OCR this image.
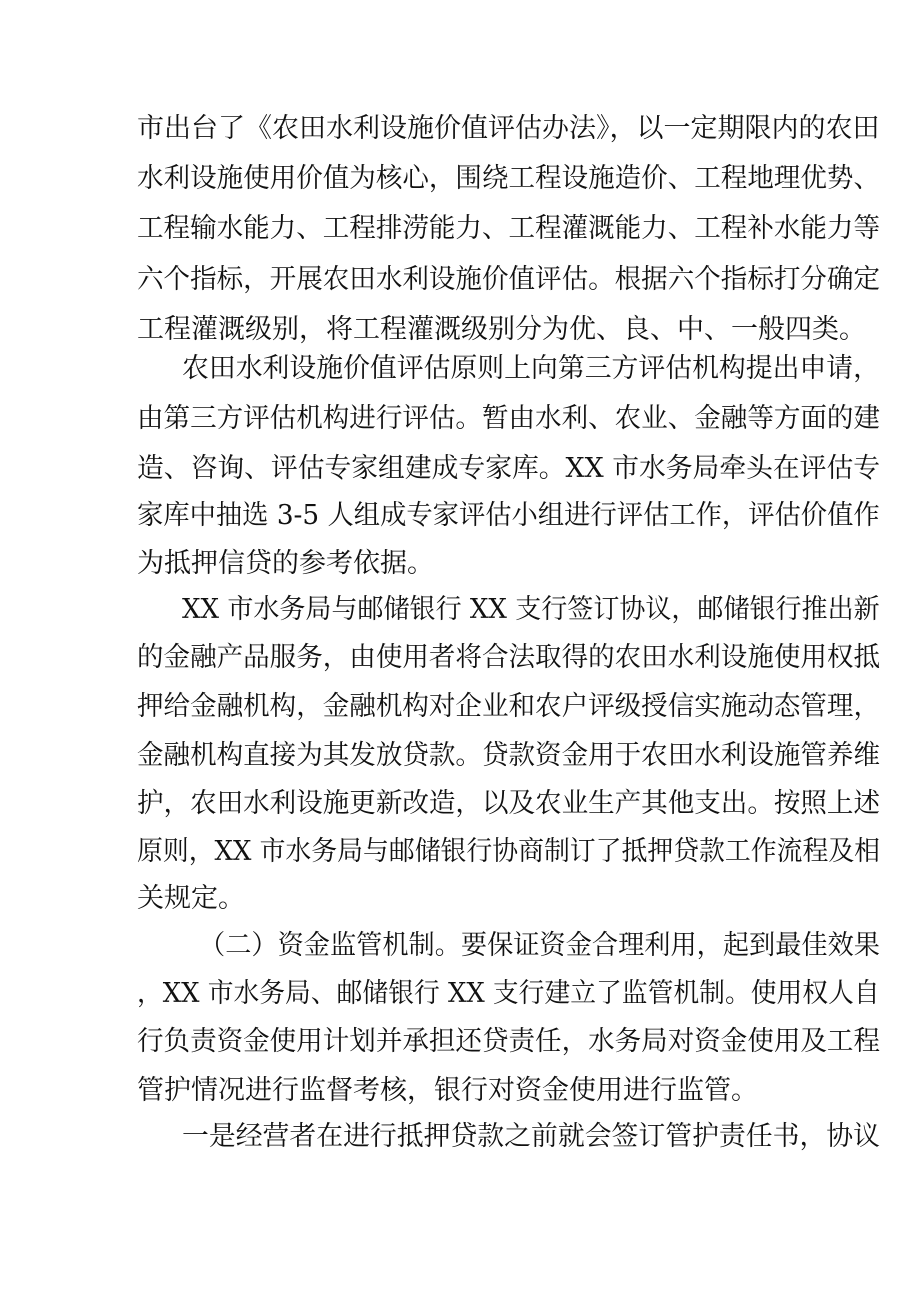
市出台了《农田水利设施价值评估办法》，以一定期限内的农田
水利设施使用价值为核心，围绕工程设施造价、工程地理优势、
工程输水能力、工程排涝能力、工程灌溉能力、工程补水能力等
六个指标，开展农田水利设施价值评估。根据六个指标打分确定
工程灌溉级别，将工程灌溉级别分为优、良、中、一般四类。
农田水利设施价值评估原则上向第三方评估机构提出申请，
由第三方评估机构进行评估。暂由水利、农业、金融等方面的建
造、咨询、评估专家组建成专家库。XX 市水务局牵头在评估专
家库中抽选 3-5 人组成专家评估小组进行评估工作，评估价值作
为抵押信贷的参考依据。
XX 市水务局与邮储银行 XX 支行签订协议，邮储银行推出新
的金融产品服务，由使用者将合法取得的农田水利设施使用权抵
押给金融机构，金融机构对企业和农户评级授信实施动态管理，
金融机构直接为其发放贷款。贷款资金用于农田水利设施管养维
护，农田水利设施更新改造，以及农业生产其他支出。按照上述
原则，XX 市水务局与邮储银行协商制订了抵押贷款工作流程及相
关规定。
（二）资金监管机制。要保证资金合理利用，起到最佳效果
，XX 市水务局、邮储银行 XX 支行建立了监管机制。使用权人自
行负责资金使用计划并承担还贷责任，水务局对资金使用及工程
管护情况进行监督考核，银行对资金使用进行监管。
一是经营者在进行抵押贷款之前就会签订管护责任书，协议
